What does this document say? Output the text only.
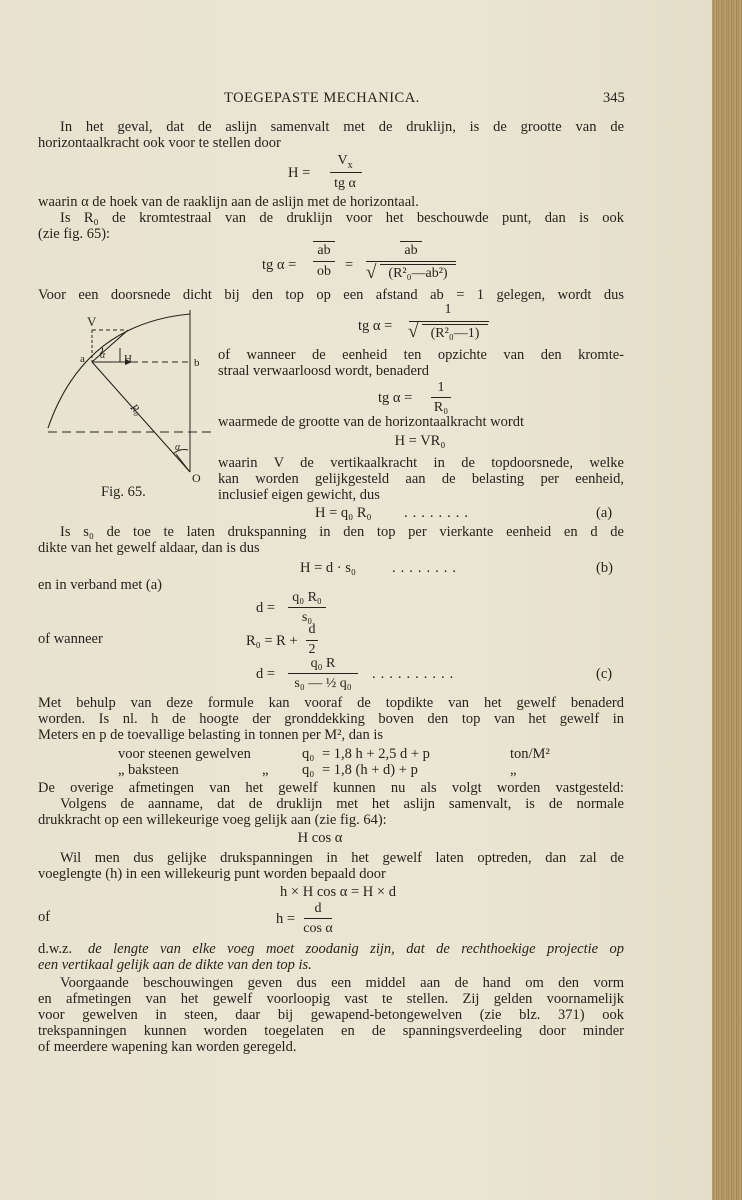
TOEGEPASTE MECHANICA.	345
In het geval, dat de aslijn samenvalt met de druklijn, is de grootte van de
horizontaalkracht ook voor te stellen door
H =
$V_x$
tg α
waarin α de hoek van de raaklijn aan de aslijn met de horizontaal.
Is R₀ de kromtestraal van de druklijn voor het beschouwde punt, dan is ook
(zie fig. 65):
tg α =
ab
ob =
ab
√ (R²₀—ab²)
Voor een doorsnede dicht bij den top op een afstand ab = 1 gelegen, wordt dus
V
α H
a	b
R₀
α
O
Fig. 65.
tg α =
1
√ (R²₀—1)
of wanneer de eenheid ten opzichte van den kromte-
straal verwaarloosd wordt, benaderd
tg α =
1
R₀
waarmede de grootte van de horizontaalkracht wordt
H = VR₀
waarin V de vertikaalkracht in de topdoorsnede, welke
kan worden gelijkgesteld aan de belasting per eenheid,
inclusief eigen gewicht, dus
H = q₀ R₀ ........	(a)
Is s₀ de toe te laten drukspanning in den top per vierkante eenheid en d de
dikte van het gewelf aldaar, dan is dus
H = d · s₀ ........	(b)
en in verband met (a)
d =
q₀ R₀
s₀
of wanneer	R₀ = R +
d
2
d =
q₀ R
s₀ — ½ q₀
..........	(c)
Met behulp van deze formule kan vooraf de topdikte van het gewelf benaderd
worden. Is nl. h de hoogte der gronddekking boven den top van het gewelf in
Meters en p de toevallige belasting in tonnen per M², dan is
voor steenen gewelven	q₀ = 1,8 h + 2,5 d + p	ton/M²
„ baksteen	„ q₀ = 1,8 (h + d) + p	„
De overige afmetingen van het gewelf kunnen nu als volgt worden vastgesteld:
Volgens de aanname, dat de druklijn met het aslijn samenvalt, is de normale
drukkracht op een willekeurige voeg gelijk aan (zie fig. 64):
H cos α
Wil men dus gelijke drukspanningen in het gewelf laten optreden, dan zal de
voeglengte (h) in een willekeurig punt worden bepaald door
h × H cos α = H × d
of	h =
d
cos α
d.w.z. de lengte van elke voeg moet zoodanig zijn, dat de rechthoekige projectie op
een vertikaal gelijk aan de dikte van den top is.
Voorgaande beschouwingen geven dus een middel aan de hand om den vorm
en afmetingen van het gewelf voorloopig vast te stellen. Zij gelden voornamelijk
voor gewelven in steen, daar bij gewapend-betongewelven (zie blz. 371) ook
trekspanningen kunnen worden toegelaten en de spanningsverdeeling door minder
of meerdere wapening kan worden geregeld.
